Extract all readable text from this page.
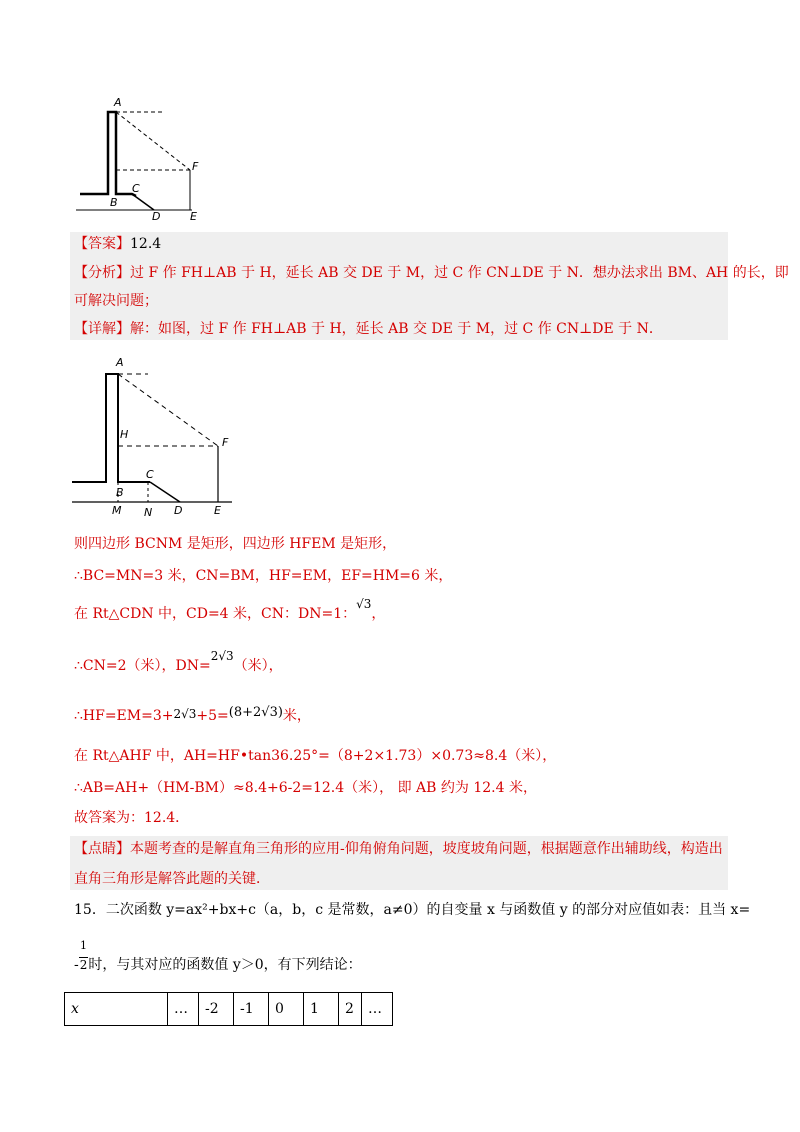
A
F
C
B
D	E
【答案】12.4
【分析】过 F 作 FH⊥AB 于 H，延长 AB 交 DE 于 M，过 C 作 CN⊥DE 于 N．想办法求出 BM、AH 的长，即
可解决问题；
【详解】解：如图，过 F 作 FH⊥AB 于 H，延长 AB 交 DE 于 M，过 C 作 CN⊥DE 于 N．
A
H
F
C
B
M N D	E
则四边形 BCNM 是矩形，四边形 HFEM 是矩形，
∴BC=MN=3 米，CN=BM，HF=EM，EF=HM=6 米，
在 Rt△CDN 中，CD=4 米，CN：DN=1：√3，
∴CN=2（米），DN=2√3（米），
∴HF=EM=3+2√3+5=(8+2√3)米，
在 Rt△AHF 中，AH=HF•tan36.25°=（8+2×1.73）×0.73≈8.4（米），
∴AB=AH+（HM-BM）≈8.4+6-2=12.4（米）， 即 AB 约为 12.4 米，
故答案为：12.4．
【点睛】本题考查的是解直角三角形的应用-仰角俯角问题，坡度坡角问题，根据题意作出辅助线，构造出
直角三角形是解答此题的关键．
15．二次函数 y=ax²+bx+c（a，b，c 是常数，a≠0）的自变量 x 与函数值 y 的部分对应值如表：且当 x=
1
-2时，与其对应的函数值 y＞0，有下列结论：
x	…	-2	-1	0	1	2	…
